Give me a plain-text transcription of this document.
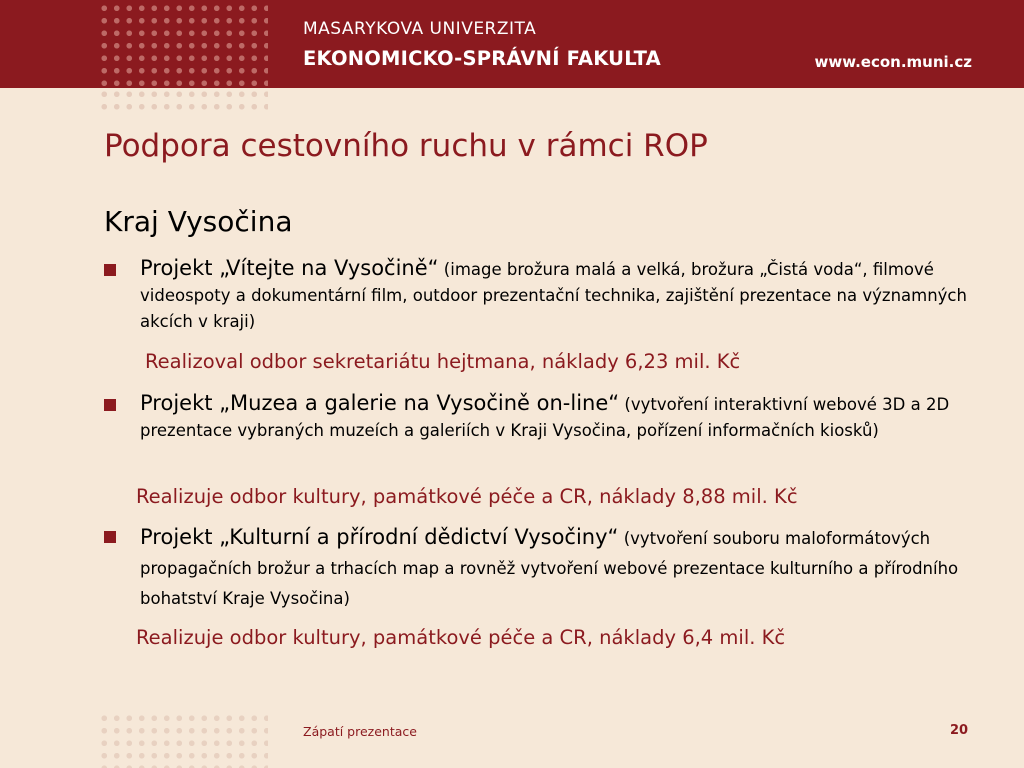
MASARYKOVA UNIVERZITA
EKONOMICKO-SPRÁVNÍ FAKULTA	www.econ.muni.cz
Podpora cestovního ruchu v rámci ROP
Kraj Vysočina
Projekt „Vítejte na Vysočině“ (image brožura malá a velká, brožura „Čistá voda“, filmové videospoty a dokumentární film, outdoor prezentační technika, zajištění prezentace na významných akcích v kraji)
Realizoval odbor sekretariátu hejtmana, náklady 6,23 mil. Kč
Projekt „Muzea a galerie na Vysočině on-line“ (vytvoření interaktivní webové 3D a 2D prezentace vybraných muzeích a galeriích v Kraji Vysočina, pořízení informačních kiosků)
Realizuje odbor kultury, památkové péče a CR, náklady 8,88 mil. Kč
Projekt „Kulturní a přírodní dědictví Vysočiny“ (vytvoření souboru maloformátových propagačních brožur a trhacích map a rovněž vytvoření webové prezentace kulturního a přírodního bohatství Kraje Vysočina)
Realizuje odbor kultury, památkové péče a CR, náklady 6,4 mil. Kč
Zápatí prezentace	20
